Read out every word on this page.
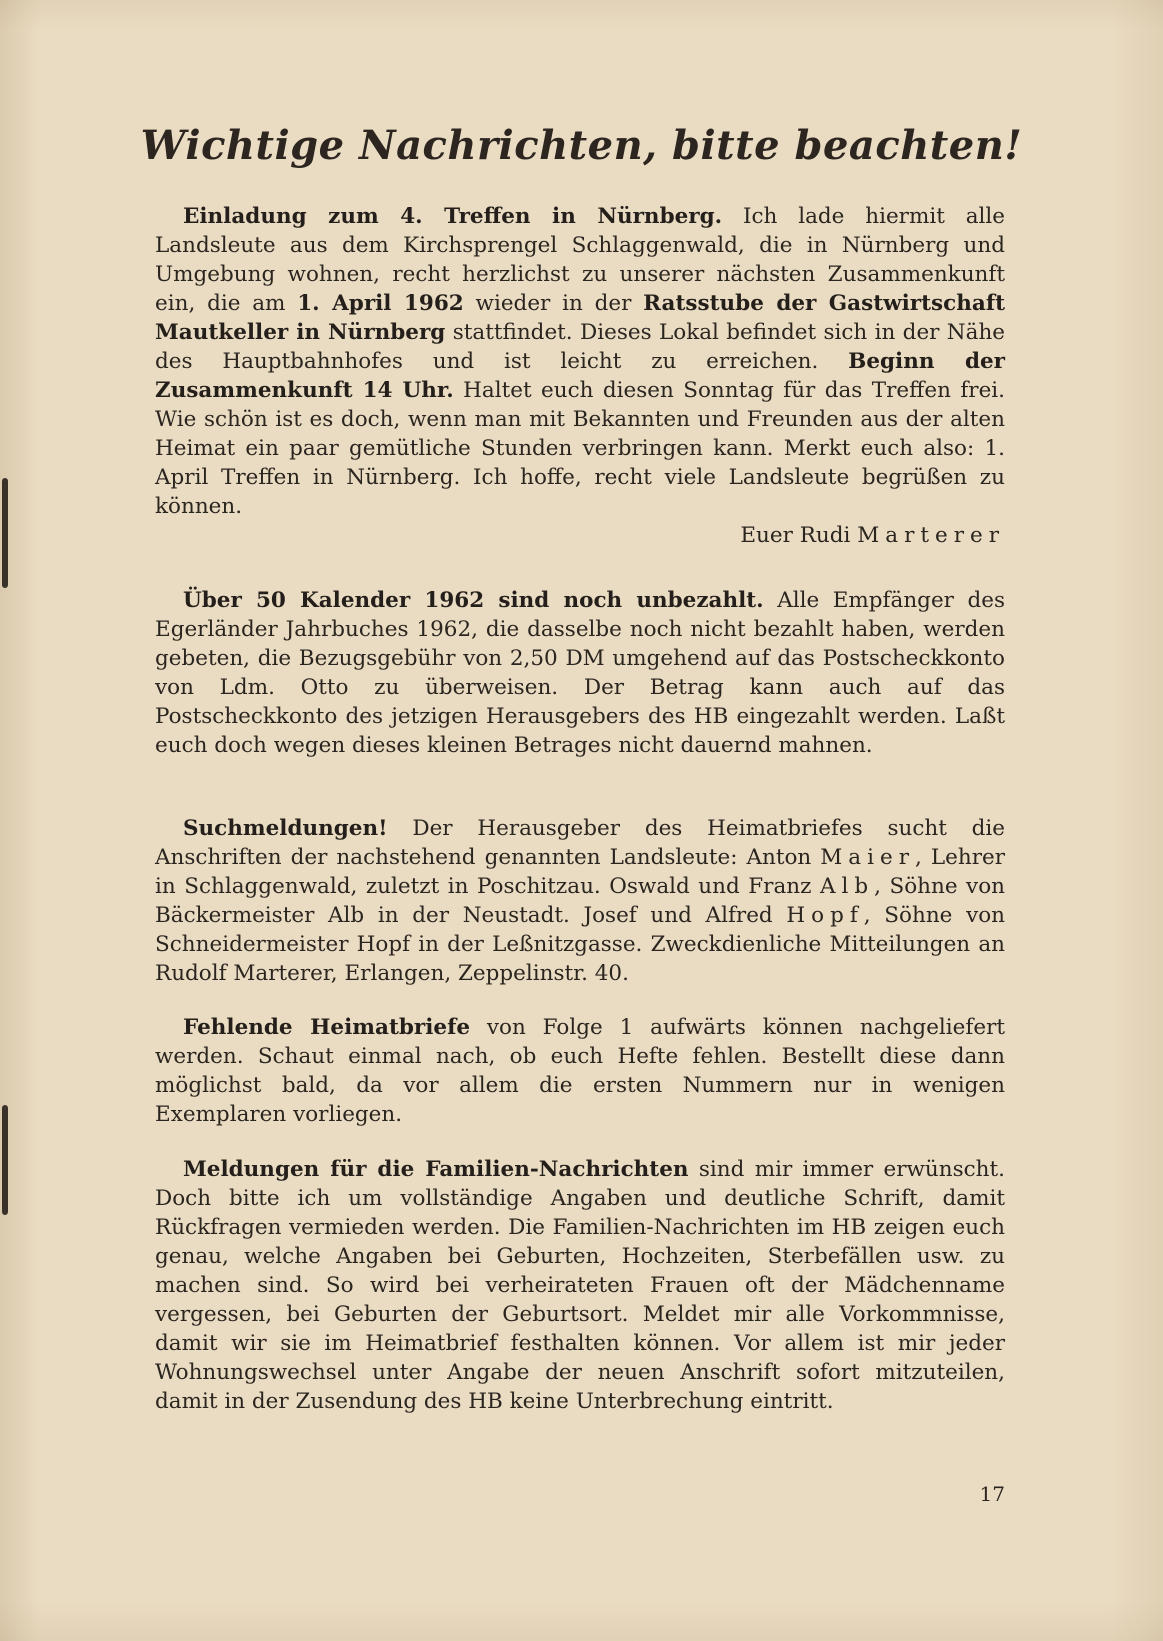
Wichtige Nachrichten, bitte beachten!

Einladung zum 4. Treffen in Nürnberg. Ich lade hiermit alle Landsleute aus dem Kirchsprengel Schlaggenwald, die in Nürnberg und Umgebung wohnen, recht herzlichst zu unserer nächsten Zusammenkunft ein, die am 1. April 1962 wieder in der Ratsstube der Gastwirtschaft Mautkeller in Nürnberg stattfindet. Dieses Lokal befindet sich in der Nähe des Hauptbahnhofes und ist leicht zu erreichen. Beginn der Zusammenkunft 14 Uhr. Haltet euch diesen Sonntag für das Treffen frei. Wie schön ist es doch, wenn man mit Bekannten und Freunden aus der alten Heimat ein paar gemütliche Stunden verbringen kann. Merkt euch also: 1. April Treffen in Nürnberg. Ich hoffe, recht viele Landsleute begrüßen zu können.

Euer Rudi Marterer

Über 50 Kalender 1962 sind noch unbezahlt. Alle Empfänger des Egerländer Jahrbuches 1962, die dasselbe noch nicht bezahlt haben, werden gebeten, die Bezugsgebühr von 2,50 DM umgehend auf das Postscheckkonto von Ldm. Otto zu überweisen. Der Betrag kann auch auf das Postscheckkonto des jetzigen Herausgebers des HB eingezahlt werden. Laßt euch doch wegen dieses kleinen Betrages nicht dauernd mahnen.

Suchmeldungen! Der Herausgeber des Heimatbriefes sucht die Anschriften der nachstehend genannten Landsleute: Anton Maier, Lehrer in Schlaggenwald, zuletzt in Poschitzau. Oswald und Franz Alb, Söhne von Bäckermeister Alb in der Neustadt. Josef und Alfred Hopf, Söhne von Schneidermeister Hopf in der Leßnitzgasse. Zweckdienliche Mitteilungen an Rudolf Marterer, Erlangen, Zeppelinstr. 40.

Fehlende Heimatbriefe von Folge 1 aufwärts können nachgeliefert werden. Schaut einmal nach, ob euch Hefte fehlen. Bestellt diese dann möglichst bald, da vor allem die ersten Nummern nur in wenigen Exemplaren vorliegen.

Meldungen für die Familien-Nachrichten sind mir immer erwünscht. Doch bitte ich um vollständige Angaben und deutliche Schrift, damit Rückfragen vermieden werden. Die Familien-Nachrichten im HB zeigen euch genau, welche Angaben bei Geburten, Hochzeiten, Sterbefällen usw. zu machen sind. So wird bei verheirateten Frauen oft der Mädchenname vergessen, bei Geburten der Geburtsort. Meldet mir alle Vorkommnisse, damit wir sie im Heimatbrief festhalten können. Vor allem ist mir jeder Wohnungswechsel unter Angabe der neuen Anschrift sofort mitzuteilen, damit in der Zusendung des HB keine Unterbrechung eintritt.

17
